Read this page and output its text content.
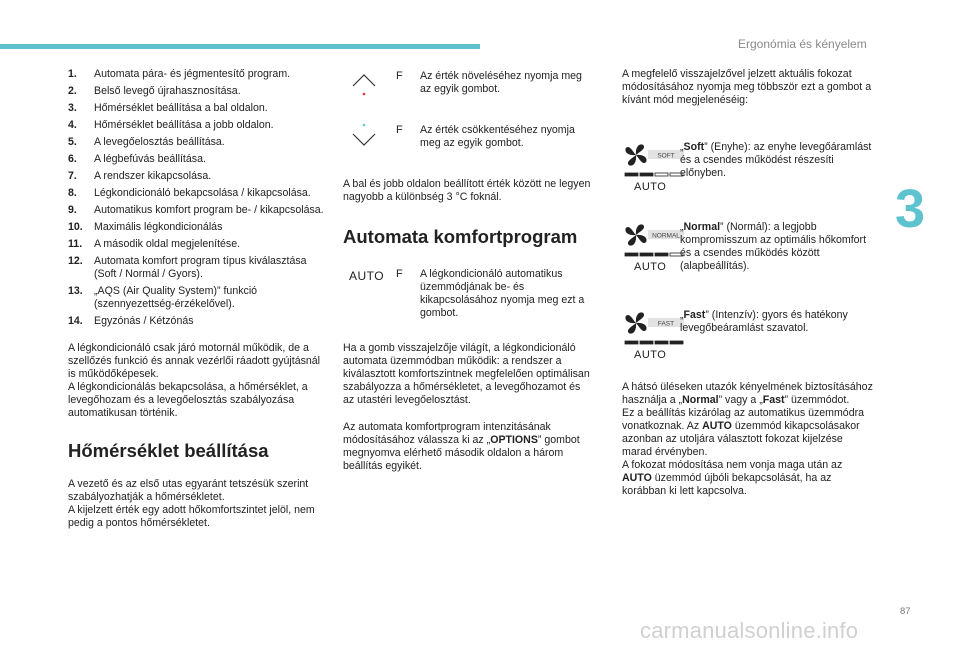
Ergonómia és kényelem
3
1. Automata pára- és jégmentesítő program.
2. Belső levegő újrahasznosítása.
3. Hőmérséklet beállítása a bal oldalon.
4. Hőmérséklet beállítása a jobb oldalon.
5. A levegőelosztás beállítása.
6. A légbefúvás beállítása.
7. A rendszer kikapcsolása.
8. Légkondicionáló bekapcsolása / kikapcsolása.
9. Automatikus komfort program be- / kikapcsolása.
10. Maximális légkondicionálás
11. A második oldal megjelenítése.
12. Automata komfort program típus kiválasztása (Soft / Normál / Gyors).
13. „AQS (Air Quality System)” funkció (szennyezettség-érzékelővel).
14. Egyzónás / Kétzónás

A légkondicionáló csak járó motornál működik, de a szellőzés funkció és annak vezérlői ráadott gyújtásnál is működőképesek.
A légkondicionálás bekapcsolása, a hőmérséklet, a levegőhozam és a levegőelosztás szabályozása automatikusan történik.

Hőmérséklet beállítása

A vezető és az első utas egyaránt tetszésük szerint szabályozhatják a hőmérsékletet.
A kijelzett érték egy adott hőkomfortszintet jelöl, nem pedig a pontos hőmérsékletet.

F Az érték növeléséhez nyomja meg az egyik gombot.
F Az érték csökkentéséhez nyomja meg az egyik gombot.

A bal és jobb oldalon beállított érték között ne legyen nagyobb a különbség 3 °C foknál.

Automata komfortprogram
AUTO F A légkondicionáló automatikus üzemmódjának be- és kikapcsolásához nyomja meg ezt a gombot.

Ha a gomb visszajelzője világít, a légkondicionáló automata üzemmódban működik: a rendszer a kiválasztott komfortszintnek megfelelően optimálisan szabályozza a hőmérsékletet, a levegőhozamot és az utastéri levegőelosztást.

Az automata komfortprogram intenzitásának módosításához válassza ki az „OPTIONS” gombot megnyomva elérhető második oldalon a három beállítás egyikét.

A megfelelő visszajelzővel jelzett aktuális fokozat módosításához nyomja meg többször ezt a gombot a kívánt mód megjelenéséig:

SOFT
AUTO
„Soft” (Enyhe): az enyhe levegőáramlást és a csendes működést részesíti előnyben.
NORMAL
AUTO
„Normal” (Normál): a legjobb kompromisszum az optimális hőkomfort és a csendes működés között (alapbeállítás).
FAST
AUTO
„Fast” (Intenzív): gyors és hatékony levegőbeáramlást szavatol.

A hátsó üléseken utazók kényelmének biztosításához használja a „Normal” vagy a „Fast” üzemmódot.

Ez a beállítás kizárólag az automatikus üzemmódra vonatkoznak. Az AUTO üzemmód kikapcsolásakor azonban az utoljára választott fokozat kijelzése marad érvényben.

A fokozat módosítása nem vonja maga után az AUTO üzemmód újbóli bekapcsolását, ha az korábban ki lett kapcsolva.

87
carmanualsonline.info
